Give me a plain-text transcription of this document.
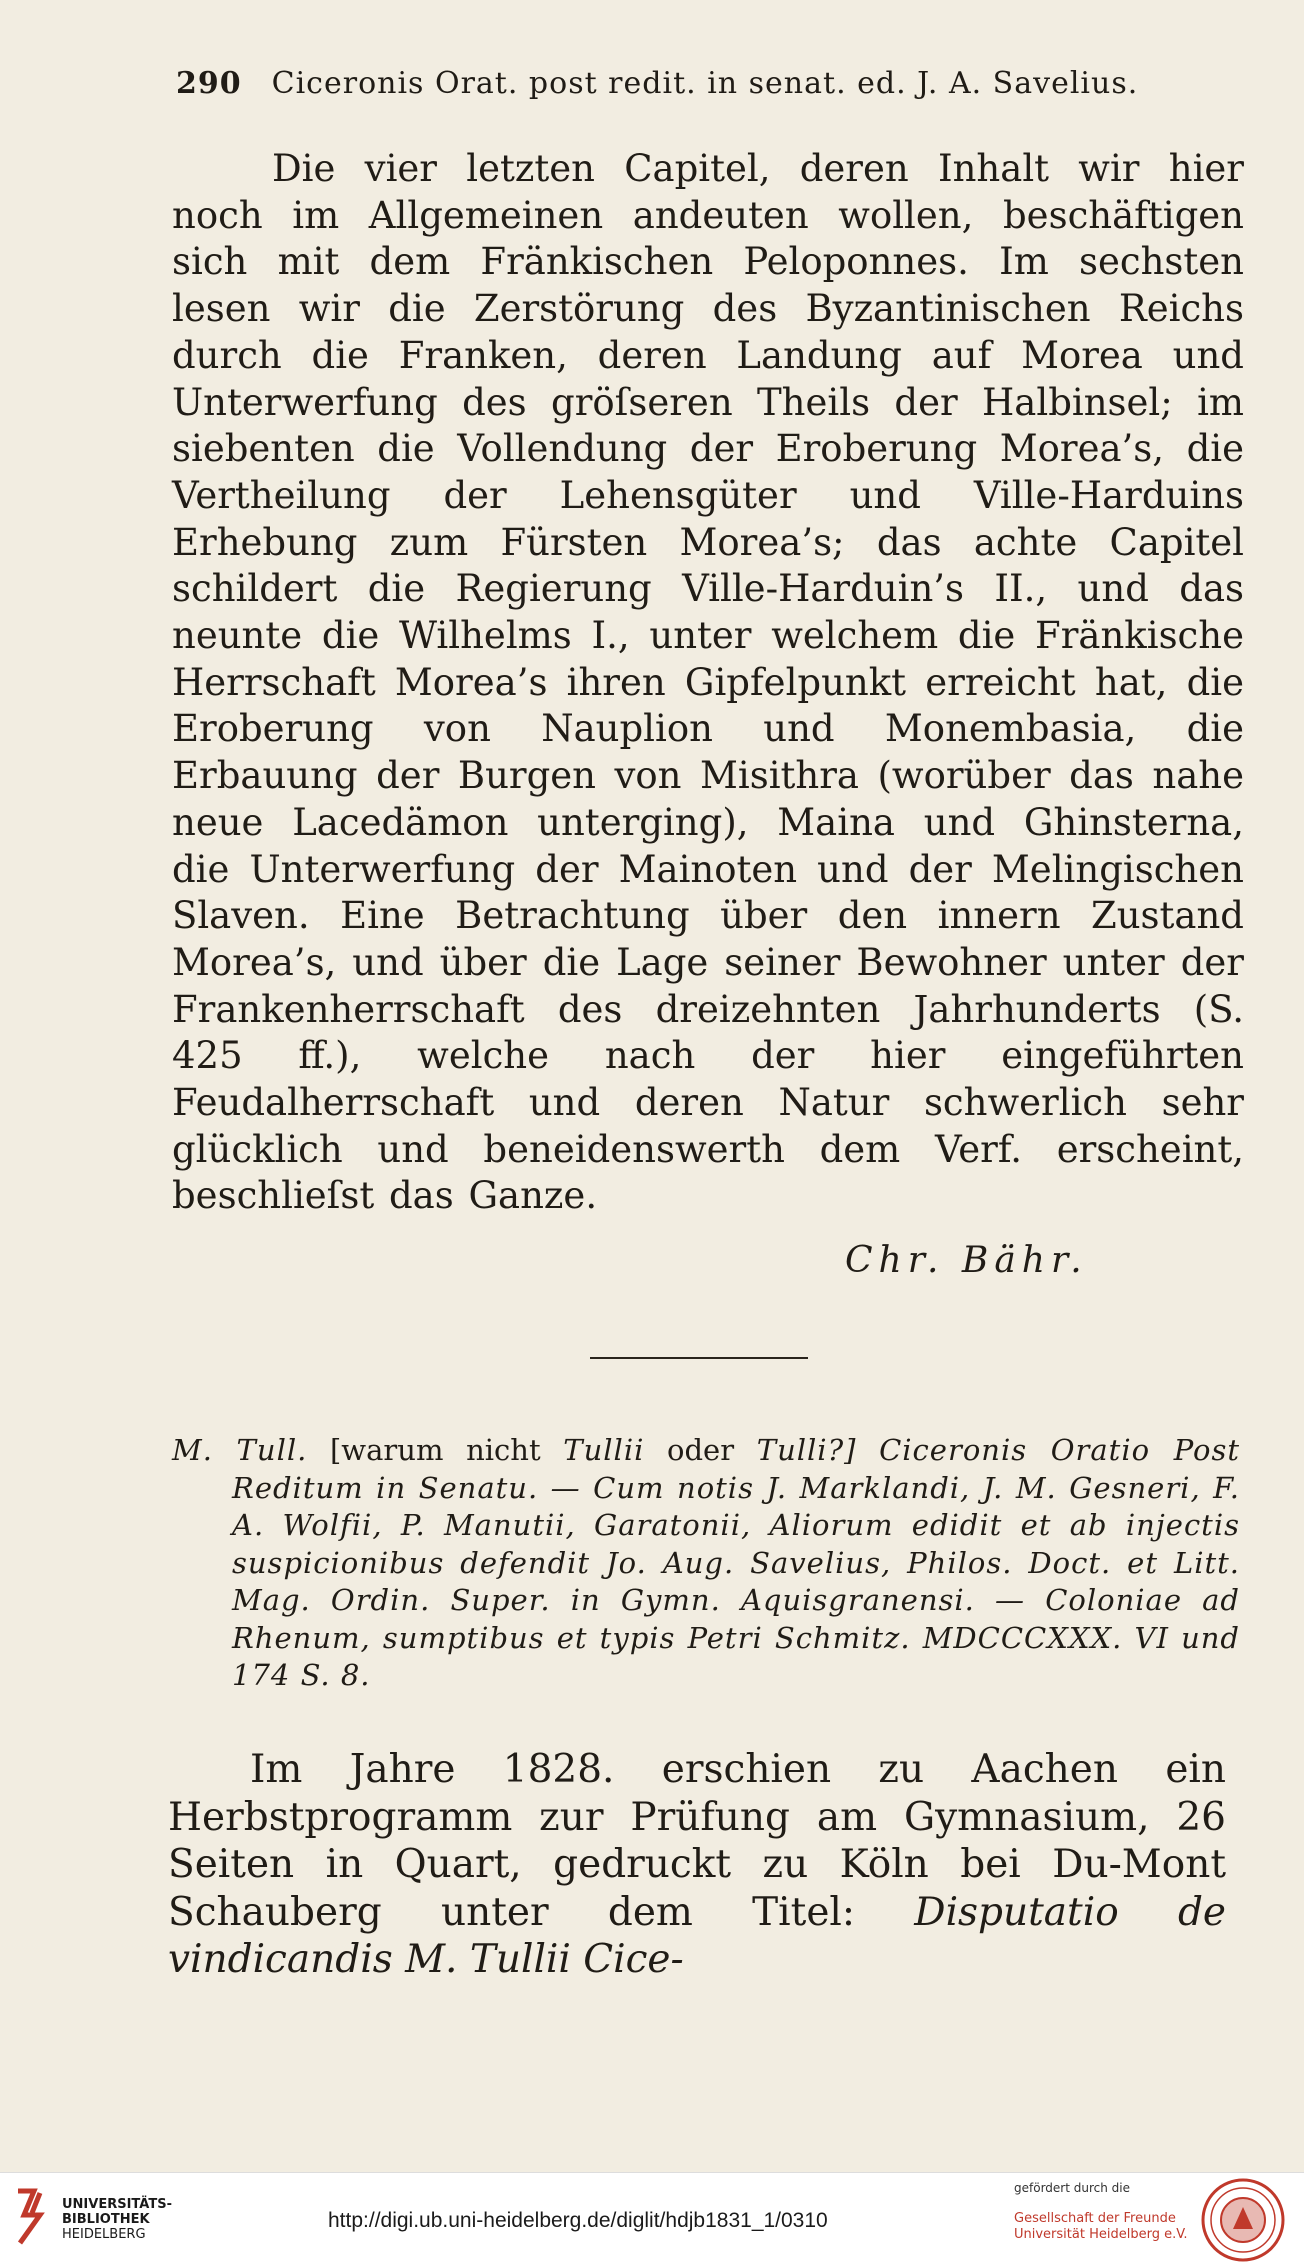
290 Ciceronis Orat. post redit. in senat. ed. J. A. Savelius.

Die vier letzten Capitel, deren Inhalt wir hier noch im Allgemeinen andeuten wollen, beschäftigen sich mit dem Fränkischen Peloponnes. Im sechsten lesen wir die Zerstörung des Byzantinischen Reichs durch die Franken, deren Landung auf Morea und Unterwerfung des gröſseren Theils der Halbinsel; im siebenten die Vollendung der Eroberung Morea’s, die Vertheilung der Lehensgüter und Ville-Harduins Erhebung zum Fürsten Morea’s; das achte Capitel schildert die Regierung Ville-Harduin’s II., und das neunte die Wilhelms I., unter welchem die Fränkische Herrschaft Morea’s ihren Gipfelpunkt erreicht hat, die Eroberung von Nauplion und Monembasia, die Erbauung der Burgen von Misithra (worüber das nahe neue Lacedämon unterging), Maina und Ghinsterna, die Unterwerfung der Mainoten und der Melingischen Slaven. Eine Betrachtung über den innern Zustand Morea’s, und über die Lage seiner Bewohner unter der Frankenherrschaft des dreizehnten Jahrhunderts (S. 425 ff.), welche nach der hier eingeführten Feudalherrschaft und deren Natur schwerlich sehr glücklich und beneidenswerth dem Verf. erscheint, beschlieſst das Ganze.

Chr. Bähr.

M. Tull. [warum nicht Tullii oder Tulli?] Ciceronis Oratio Post Reditum in Senatu. — Cum notis J. Marklandi, J. M. Gesneri, F. A. Wolfii, P. Manutii, Garatonii, Aliorum edidit et ab injectis suspicionibus defendit Jo. Aug. Savelius, Philos. Doct. et Litt. Mag. Ordin. Super. in Gymn. Aquisgranensi. — Coloniae ad Rhenum, sumptibus et typis Petri Schmitz. MDCCCXXX. VI und 174 S. 8.

Im Jahre 1828. erschien zu Aachen ein Herbstprogramm zur Prüfung am Gymnasium, 26 Seiten in Quart, gedruckt zu Köln bei Du-Mont Schauberg unter dem Titel: Disputatio de vindicandis M. Tullii Cice-

UNIVERSITÄTS-
BIBLIOTHEK
HEIDELBERG
http://digi.ub.uni-heidelberg.de/diglit/hdjb1831_1/0310
gefördert durch die
Gesellschaft der Freunde
Universität Heidelberg e.V.
